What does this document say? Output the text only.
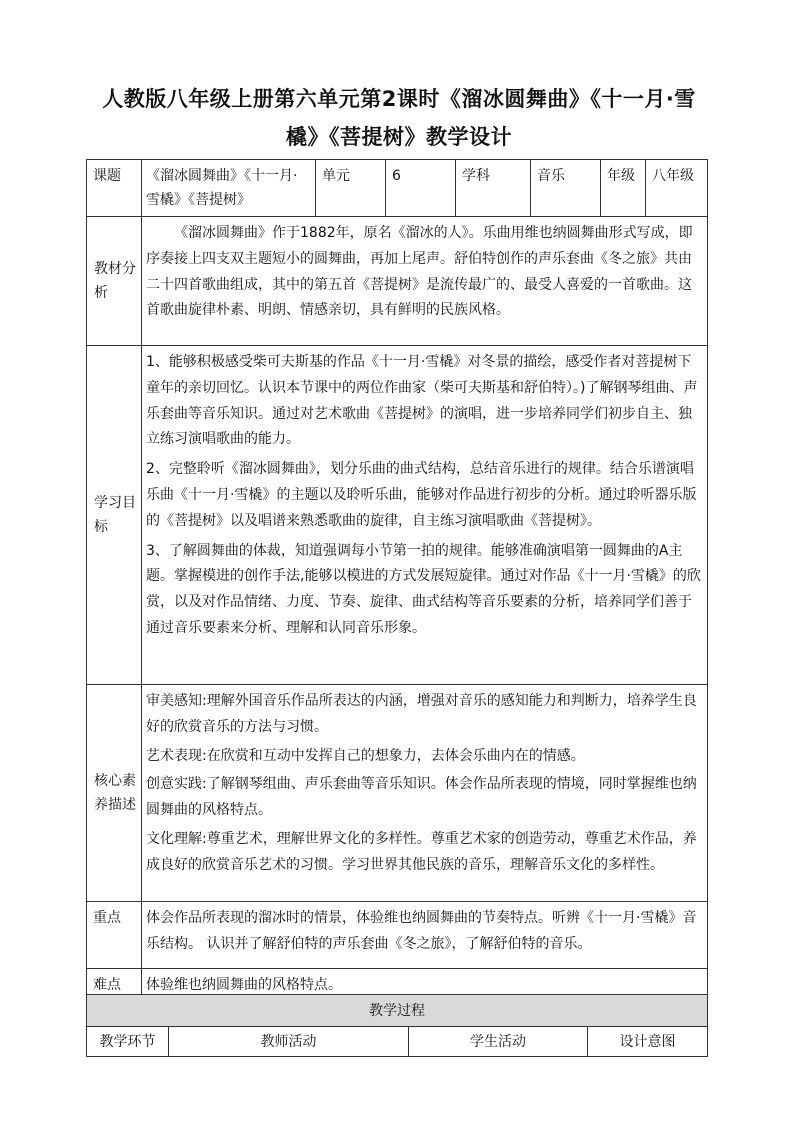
人教版八年级上册第六单元第2课时《溜冰圆舞曲》《十一月·雪橇》《菩提树》教学设计
课题	《溜冰圆舞曲》《十一月·雪橇》《菩提树》	单元	6	学科	音乐	年级	八年级
教材分析	《溜冰圆舞曲》作于1882年，原名《溜冰的人》。乐曲用维也纳圆舞曲形式写成，即序奏接上四支双主题短小的圆舞曲，再加上尾声。舒伯特创作的声乐套曲《冬之旅》共由二十四首歌曲组成，其中的第五首《菩提树》是流传最广的、最受人喜爱的一首歌曲。这首歌曲旋律朴素、明朗、情感亲切，具有鲜明的民族风格。						

学习目标	1、能够积极感受柴可夫斯基的作品《十一月·雪橇》对冬景的描绘，感受作者对菩提树下童年的亲切回忆。认识本节课中的两位作曲家（柴可夫斯基和舒伯特）。)了解钢琴组曲、声乐套曲等音乐知识。通过对艺术歌曲《菩提树》的演唱，进一步培养同学们初步自主、独立练习演唱歌曲的能力。

2、完整聆听《溜冰圆舞曲》，划分乐曲的曲式结构，总结音乐进行的规律。结合乐谱演唱乐曲《十一月·雪橇》的主题以及聆听乐曲，能够对作品进行初步的分析。通过聆听器乐版的《菩提树》以及唱谱来熟悉歌曲的旋律，自主练习演唱歌曲《菩提树》。

3、了解圆舞曲的体裁，知道强调每小节第一拍的规律。能够准确演唱第一圆舞曲的A主题。掌握模进的创作手法,能够以模进的方式发展短旋律。通过对作品《十一月·雪橇》的欣赏，以及对作品情绪、力度、节奏、旋律、曲式结构等音乐要素的分析，培养同学们善于通过音乐要素来分析、理解和认同音乐形象。						

核心素养描述	审美感知:理解外国音乐作品所表达的内涵，增强对音乐的感知能力和判断力，培养学生良好的欣赏音乐的方法与习惯。

艺术表现:在欣赏和互动中发挥自己的想象力，去体会乐曲内在的情感。

创意实践:了解钢琴组曲、声乐套曲等音乐知识。体会作品所表现的情境，同时掌握维也纳圆舞曲的风格特点。

文化理解:尊重艺术，理解世界文化的多样性。尊重艺术家的创造劳动，尊重艺术作品，养成良好的欣赏音乐艺术的习惯。学习世界其他民族的音乐，理解音乐文化的多样性。						

重点	体会作品所表现的溜冰时的情景，体验维也纳圆舞曲的节奏特点。听辨《十一月·雪橇》音乐结构。 认识并了解舒伯特的声乐套曲《冬之旅》，了解舒伯特的音乐。						

难点	体验维也纳圆舞曲的风格特点。						

教学过程
教学环节	教师活动	学生活动	设计意图
